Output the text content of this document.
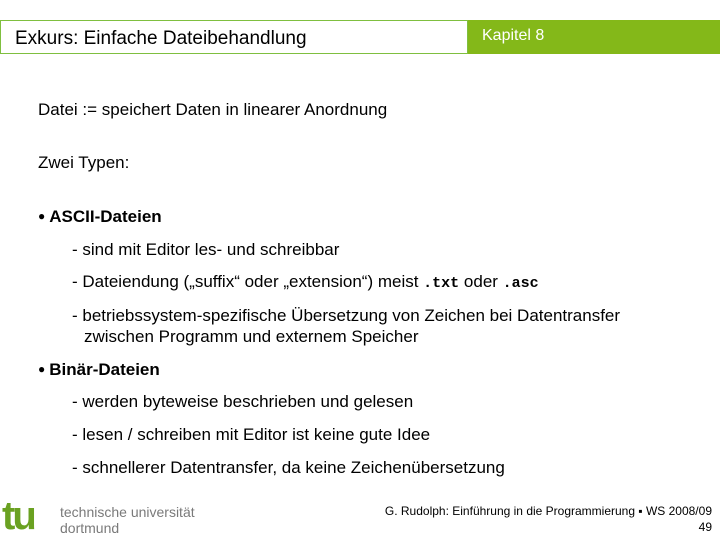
Exkurs: Einfache Dateibehandlung	Kapitel 8
Datei := speichert Daten in linearer Anordnung
Zwei Typen:
● ASCII-Dateien
- sind mit Editor les- und schreibbar
- Dateiendung („suffix“ oder „extension“) meist .txt oder .asc
- betriebssystem-spezifische Übersetzung von Zeichen bei Datentransfer
zwischen Programm und externem Speicher
● Binär-Dateien
- werden byteweise beschrieben und gelesen
- lesen / schreiben mit Editor ist keine gute Idee
- schnellerer Datentransfer, da keine Zeichenübersetzung
tu technische universität
dortmund
G. Rudolph: Einführung in die Programmierung ▪ WS 2008/09
49
